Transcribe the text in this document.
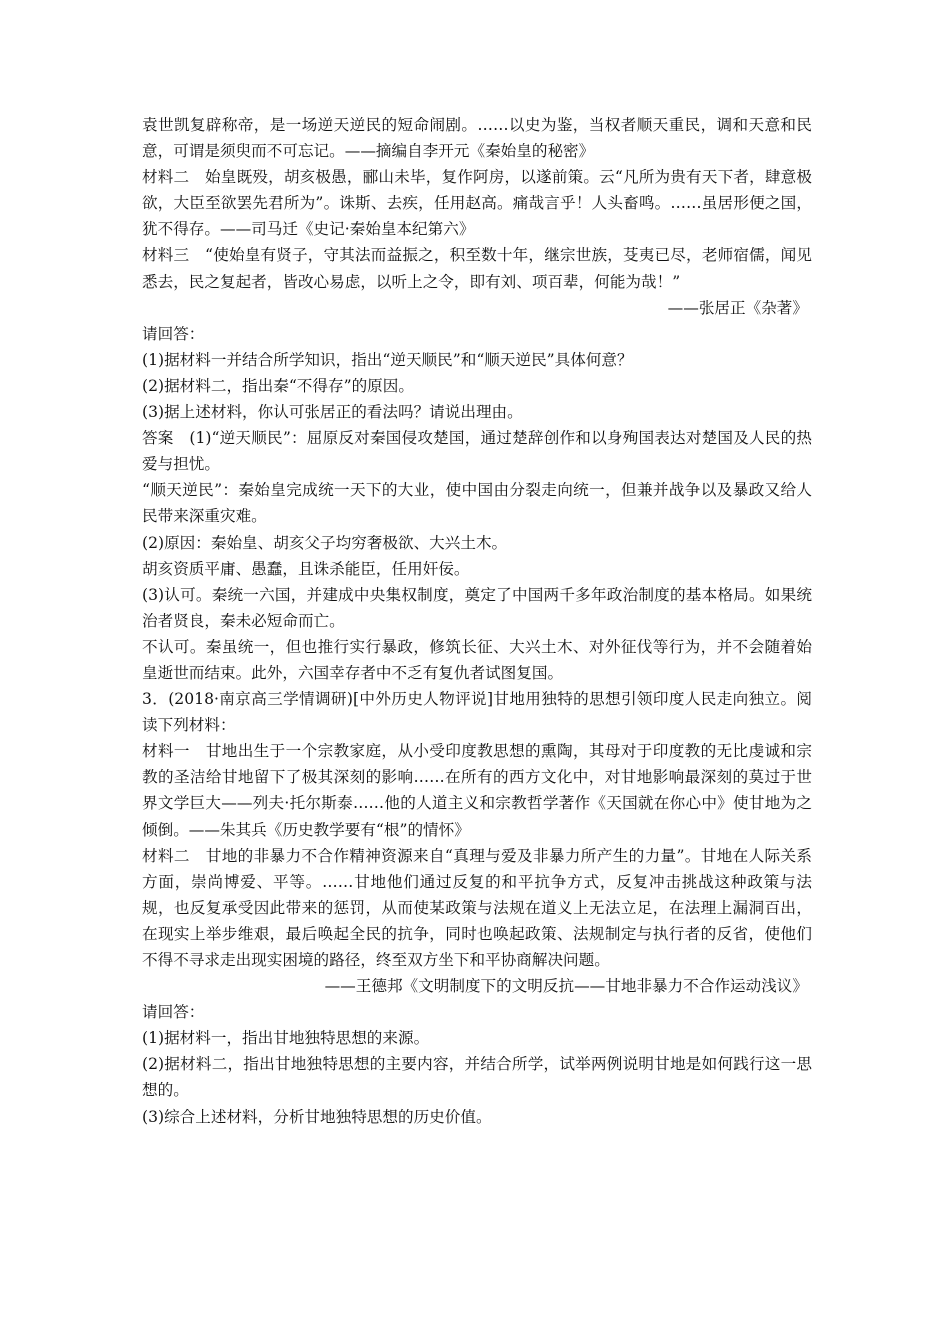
袁世凯复辟称帝，是一场逆天逆民的短命闹剧。……以史为鉴，当权者顺天重民，调和天意和民意，可谓是须臾而不可忘记。——摘编自李开元《秦始皇的秘密》

材料二　始皇既殁，胡亥极愚，郦山未毕，复作阿房，以遂前策。云“凡所为贵有天下者，肆意极欲，大臣至欲罢先君所为”。诛斯、去疾，任用赵高。痛哉言乎！人头畜鸣。……虽居形便之国，犹不得存。——司马迁《史记·秦始皇本纪第六》

材料三　“使始皇有贤子，守其法而益振之，积至数十年，继宗世族，芟夷已尽，老师宿儒，闻见悉去，民之复起者，皆改心易虑，以听上之令，即有刘、项百辈，何能为哉！”

——张居正《杂著》

请回答：

(1)据材料一并结合所学知识，指出“逆天顺民”和“顺天逆民”具体何意？

(2)据材料二，指出秦“不得存”的原因。

(3)据上述材料，你认可张居正的看法吗？请说出理由。

答案　(1)“逆天顺民”：屈原反对秦国侵攻楚国，通过楚辞创作和以身殉国表达对楚国及人民的热爱与担忧。

“顺天逆民”：秦始皇完成统一天下的大业，使中国由分裂走向统一，但兼并战争以及暴政又给人民带来深重灾难。

(2)原因：秦始皇、胡亥父子均穷奢极欲、大兴土木。

胡亥资质平庸、愚蠢，且诛杀能臣，任用奸佞。

(3)认可。秦统一六国，并建成中央集权制度，奠定了中国两千多年政治制度的基本格局。如果统治者贤良，秦未必短命而亡。

不认可。秦虽统一，但也推行实行暴政，修筑长征、大兴土木、对外征伐等行为，并不会随着始皇逝世而结束。此外，六国幸存者中不乏有复仇者试图复国。

3．(2018·南京高三学情调研)[中外历史人物评说]甘地用独特的思想引领印度人民走向独立。阅读下列材料：

材料一　甘地出生于一个宗教家庭，从小受印度教思想的熏陶，其母对于印度教的无比虔诚和宗教的圣洁给甘地留下了极其深刻的影响……在所有的西方文化中，对甘地影响最深刻的莫过于世界文学巨大——列夫·托尔斯泰……他的人道主义和宗教哲学著作《天国就在你心中》使甘地为之倾倒。——朱其兵《历史教学要有“根”的情怀》

材料二　甘地的非暴力不合作精神资源来自“真理与爱及非暴力所产生的力量”。甘地在人际关系方面，崇尚博爱、平等。……甘地他们通过反复的和平抗争方式，反复冲击挑战这种政策与法规，也反复承受因此带来的惩罚，从而使某政策与法规在道义上无法立足，在法理上漏洞百出，在现实上举步维艰，最后唤起全民的抗争，同时也唤起政策、法规制定与执行者的反省，使他们不得不寻求走出现实困境的路径，终至双方坐下和平协商解决问题。

——王德邦《文明制度下的文明反抗——甘地非暴力不合作运动浅议》

请回答：

(1)据材料一，指出甘地独特思想的来源。

(2)据材料二，指出甘地独特思想的主要内容，并结合所学，试举两例说明甘地是如何践行这一思想的。

(3)综合上述材料，分析甘地独特思想的历史价值。
